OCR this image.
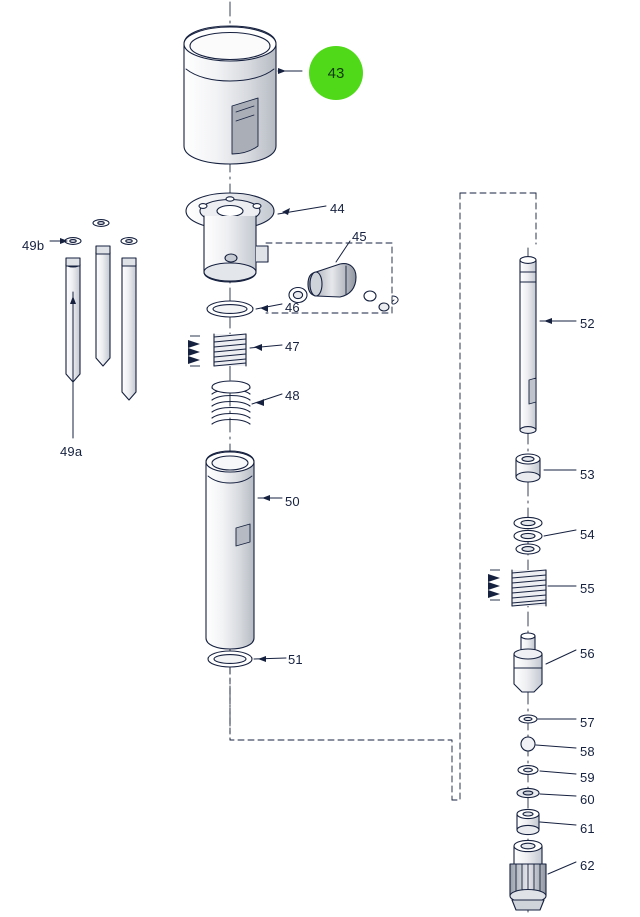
43
49b
49a
44
45
46
47
48
50
51
52
53
54
55
56
57
58
59
60
61
62
